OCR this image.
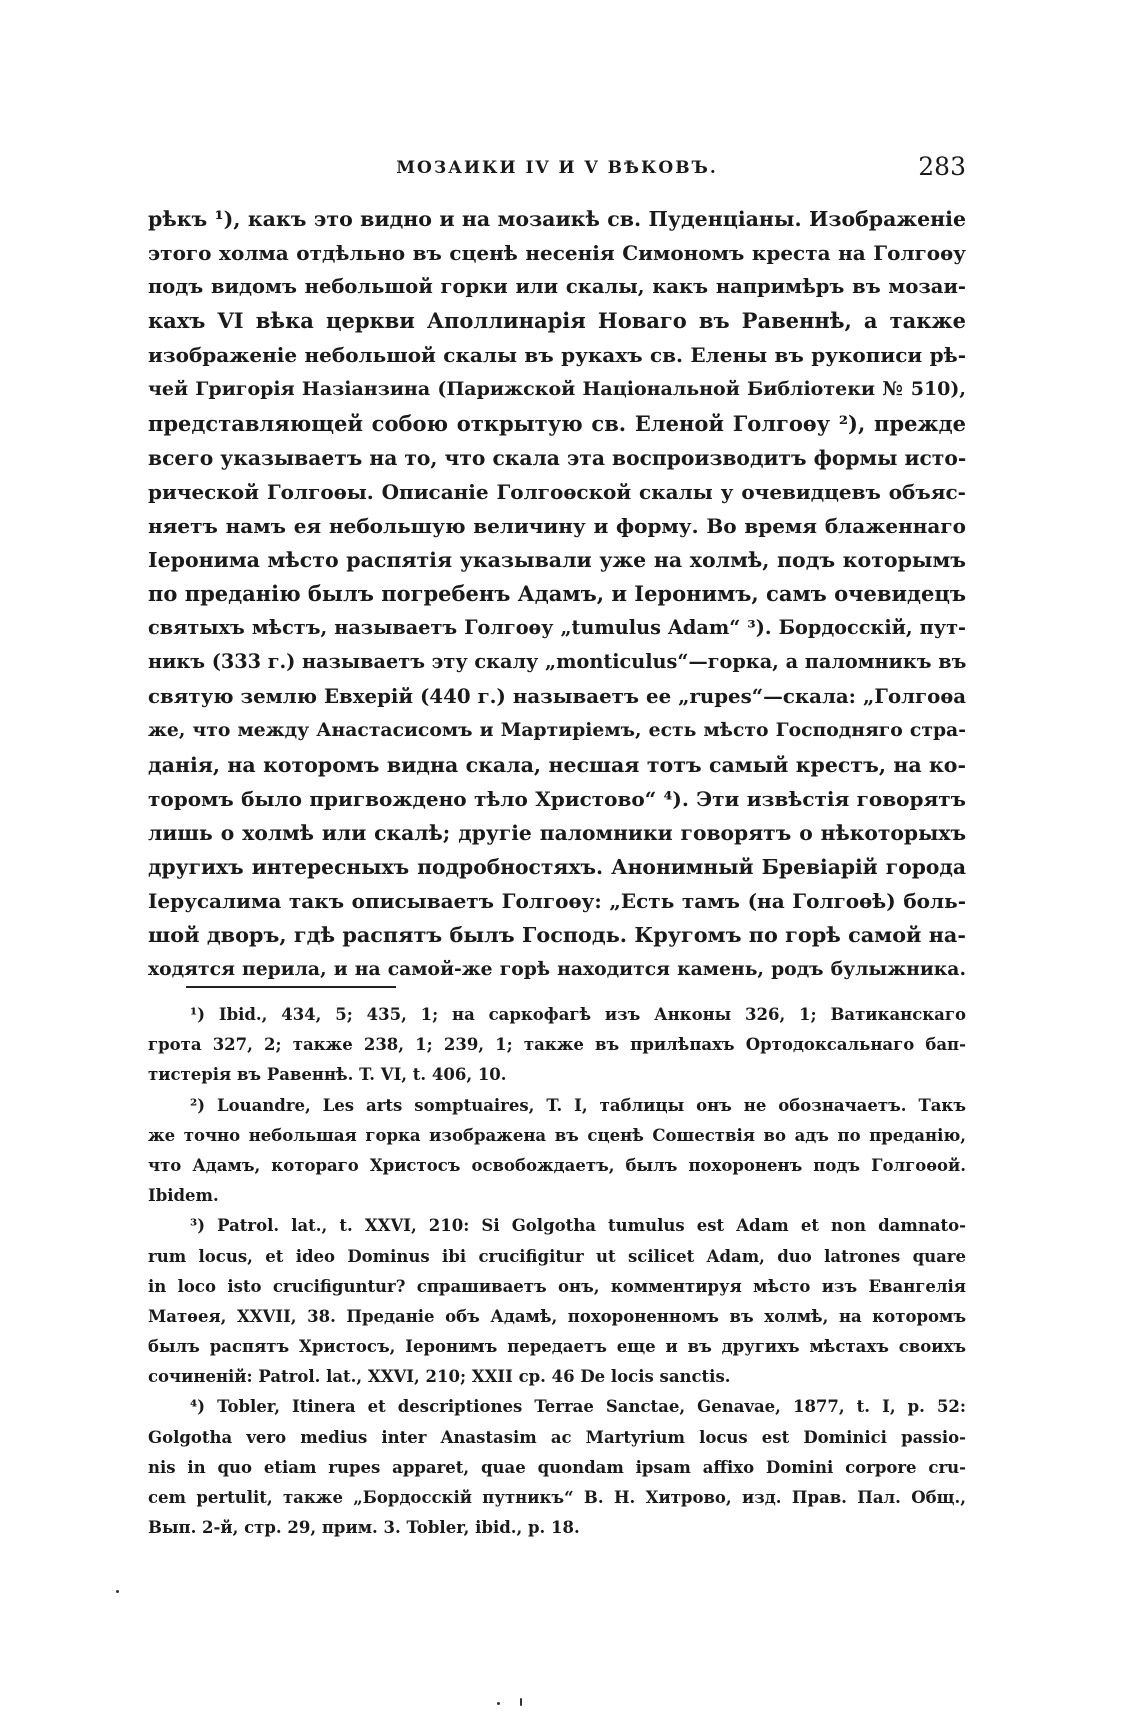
МОЗАИКИ IV И V ВѢКОВЪ.	283
рѣкъ ¹), какъ это видно и на мозаикѣ св. Пуденціаны. Изображеніе
этого холма отдѣльно въ сценѣ несенія Симономъ креста на Голгоѳу
подъ видомъ небольшой горки или скалы, какъ напримѣръ въ мозаи-
кахъ VI вѣка церкви Аполлинарія Новаго въ Равеннѣ, а также
изображеніе небольшой скалы въ рукахъ св. Елены въ рукописи рѣ-
чей Григорія Назіанзина (Парижской Національной Библіотеки № 510),
представляющей собою открытую св. Еленой Голгоѳу ²), прежде
всего указываетъ на то, что скала эта воспроизводитъ формы исто-
рической Голгоѳы. Описаніе Голгоѳской скалы у очевидцевъ объяс-
няетъ намъ ея небольшую величину и форму. Во время блаженнаго
Іеронима мѣсто распятія указывали уже на холмѣ, подъ которымъ
по преданію былъ погребенъ Адамъ, и Іеронимъ, самъ очевидецъ
святыхъ мѣстъ, называетъ Голгоѳу „tumulus Adam“ ³). Бордосскій, пут-
никъ (333 г.) называетъ эту скалу „monticulus“—горка, а паломникъ въ
святую землю Евхерій (440 г.) называетъ ее „rupes“—скала: „Голгоѳа
же, что между Анастасисомъ и Мартиріемъ, есть мѣсто Господняго стра-
данія, на которомъ видна скала, несшая тотъ самый крестъ, на ко-
торомъ было пригвождено тѣло Христово“ ⁴). Эти извѣстія говорятъ
лишь о холмѣ или скалѣ; другіе паломники говорятъ о нѣкоторыхъ
другихъ интересныхъ подробностяхъ. Анонимный Бревіарій города
Іерусалима такъ описываетъ Голгоѳу: „Есть тамъ (на Голгоѳѣ) боль-
шой дворъ, гдѣ распятъ былъ Господь. Кругомъ по горѣ самой на-
ходятся перила, и на самой-же горѣ находится камень, родъ булыжника.
¹) Ibid., 434, 5; 435, 1; на саркофагѣ изъ Анконы 326, 1; Ватиканскаго
грота 327, 2; также 238, 1; 239, 1; также въ прилѣпахъ Ортодоксальнаго бап-
тистерія въ Равеннѣ. T. VI, t. 406, 10.
²) Louandre, Les arts somptuaires, T. I, таблицы онъ не обозначаетъ. Такъ
же точно небольшая горка изображена въ сценѣ Сошествія во адъ по преданію,
что Адамъ, котораго Христосъ освобождаетъ, былъ похороненъ подъ Голгоѳой.
Ibidem.
³) Patrol. lat., t. XXVI, 210: Si Golgotha tumulus est Adam et non damnato-
rum locus, et ideo Dominus ibi crucifigitur ut scilicet Adam, duo latrones quare
in loco isto crucifiguntur? спрашиваетъ онъ, комментируя мѣсто изъ Евангелія
Матѳея, XXVII, 38. Преданіе объ Адамѣ, похороненномъ въ холмѣ, на которомъ
былъ распятъ Христосъ, Іеронимъ передаетъ еще и въ другихъ мѣстахъ своихъ
сочиненій: Patrol. lat., XXVI, 210; XXII ср. 46 De locis sanctis.
⁴) Tobler, Itinera et descriptiones Terrae Sanctae, Genavae, 1877, t. I, p. 52:
Golgotha vero medius inter Anastasim ac Martyrium locus est Dominici passio-
nis in quo etiam rupes apparet, quae quondam ipsam affixo Domini corpore cru-
cem pertulit, также „Бордосскій путникъ“ В. Н. Хитрово, изд. Прав. Пал. Общ.,
Вып. 2-й, стр. 29, прим. 3. Tobler, ibid., p. 18.
